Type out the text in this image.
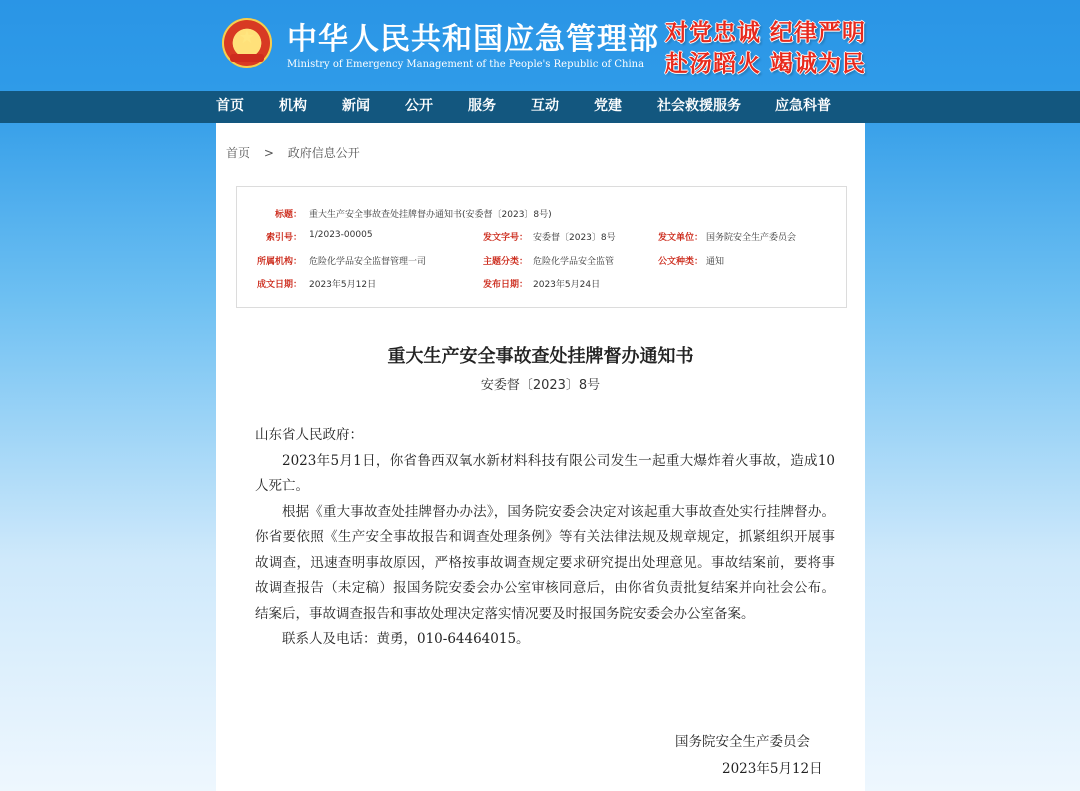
★	中华人民共和国应急管理部
Ministry of Emergency Management of the People's Republic of China
对党忠诚 纪律严明
赴汤蹈火 竭诚为民
首页	机构	新闻	公开	服务	互动	党建	社会救援服务 应急科普
首页 > 政府信息公开
标题： 重大生产安全事故查处挂牌督办通知书(安委督〔2023〕8号)
索引号： 1/2023-00005	发文字号： 安委督〔2023〕8号	发文单位： 国务院安全生产委员会
所属机构： 危险化学品安全监督管理一司	主题分类： 危险化学品安全监管	公文种类： 通知
成文日期： 2023年5月12日	发布日期： 2023年5月24日
重大生产安全事故查处挂牌督办通知书
安委督〔2023〕8号

山东省人民政府：

2023年5月1日，你省鲁西双氧水新材料科技有限公司发生一起重大爆炸着火事故，造成10人死亡。

根据《重大事故查处挂牌督办办法》，国务院安委会决定对该起重大事故查处实行挂牌督办。你省要依照《生产安全事故报告和调查处理条例》等有关法律法规及规章规定，抓紧组织开展事故调查，迅速查明事故原因，严格按事故调查规定要求研究提出处理意见。事故结案前，要将事故调查报告（未定稿）报国务院安委会办公室审核同意后，由你省负责批复结案并向社会公布。结案后，事故调查报告和事故处理决定落实情况要及时报国务院安委会办公室备案。

联系人及电话：黄勇，010-64464015。

国务院安全生产委员会
2023年5月12日
